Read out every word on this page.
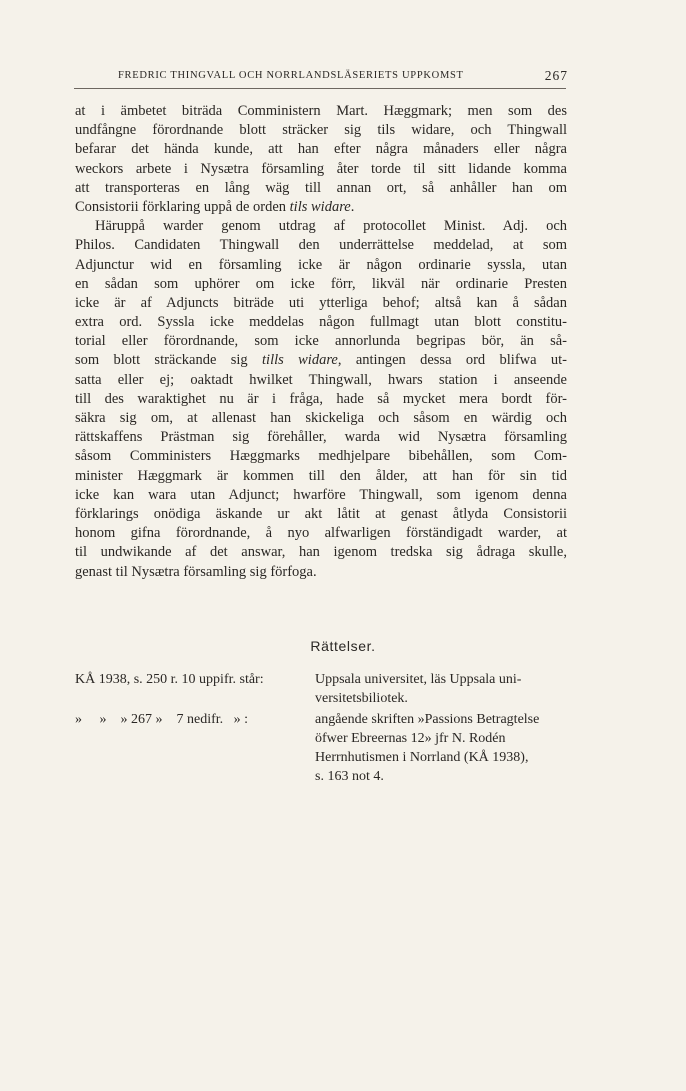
FREDRIC THINGVALL OCH NORRLANDSLÄSERIETS UPPKOMST	267

at i ämbetet biträda Comministern Mart. Hæggmark; men som des
undfångne förordnande blott sträcker sig tils widare, och Thingwall
befarar det hända kunde, att han efter några månaders eller några
weckors arbete i Nysætra församling åter torde til sitt lidande komma
att transporteras en lång wäg till annan ort, så anhåller han om
Consistorii förklaring uppå de orden tils widare.

Häruppå warder genom utdrag af protocollet Minist. Adj. och
Philos. Candidaten Thingwall den underrättelse meddelad, at som
Adjunctur wid en församling icke är någon ordinarie syssla, utan
en sådan som uphörer om icke förr, likväl när ordinarie Presten
icke är af Adjuncts biträde uti ytterliga behof; altså kan å sådan
extra ord. Syssla icke meddelas någon fullmagt utan blott constitu-
torial eller förordnande, som icke annorlunda begripas bör, än så-
som blott sträckande sig tills widare, antingen dessa ord blifwa ut-
satta eller ej; oaktadt hwilket Thingwall, hwars station i anseende
till des waraktighet nu är i fråga, hade så mycket mera bordt för-
säkra sig om, at allenast han skickeliga och såsom en wärdig och
rättskaffens Prästman sig förehåller, warda wid Nysætra församling
såsom Comministers Hæggmarks medhjelpare bibehållen, som Com-
minister Hæggmark är kommen till den ålder, att han för sin tid
icke kan wara utan Adjunct; hwarföre Thingwall, som igenom denna
förklarings onödiga äskande ur akt låtit at genast åtlyda Consistorii
honom gifna förordnande, å nyo alfwarligen förständigadt warder, at
til undwikande af det answar, han igenom tredska sig ådraga skulle,
genast til Nysætra församling sig förfoga.

Rättelser.
KÅ 1938, s. 250 r. 10 uppifr. står:	Uppsala universitet, läs Uppsala uni-
versitetsbiliotek.
»     »    » 267 »    7 nedifr.   » :	angående skriften »Passions Betragtelse
öfwer Ebreernas 12» jfr N. Rodén
Herrnhutismen i Norrland (KÅ 1938),
s. 163 not 4.
